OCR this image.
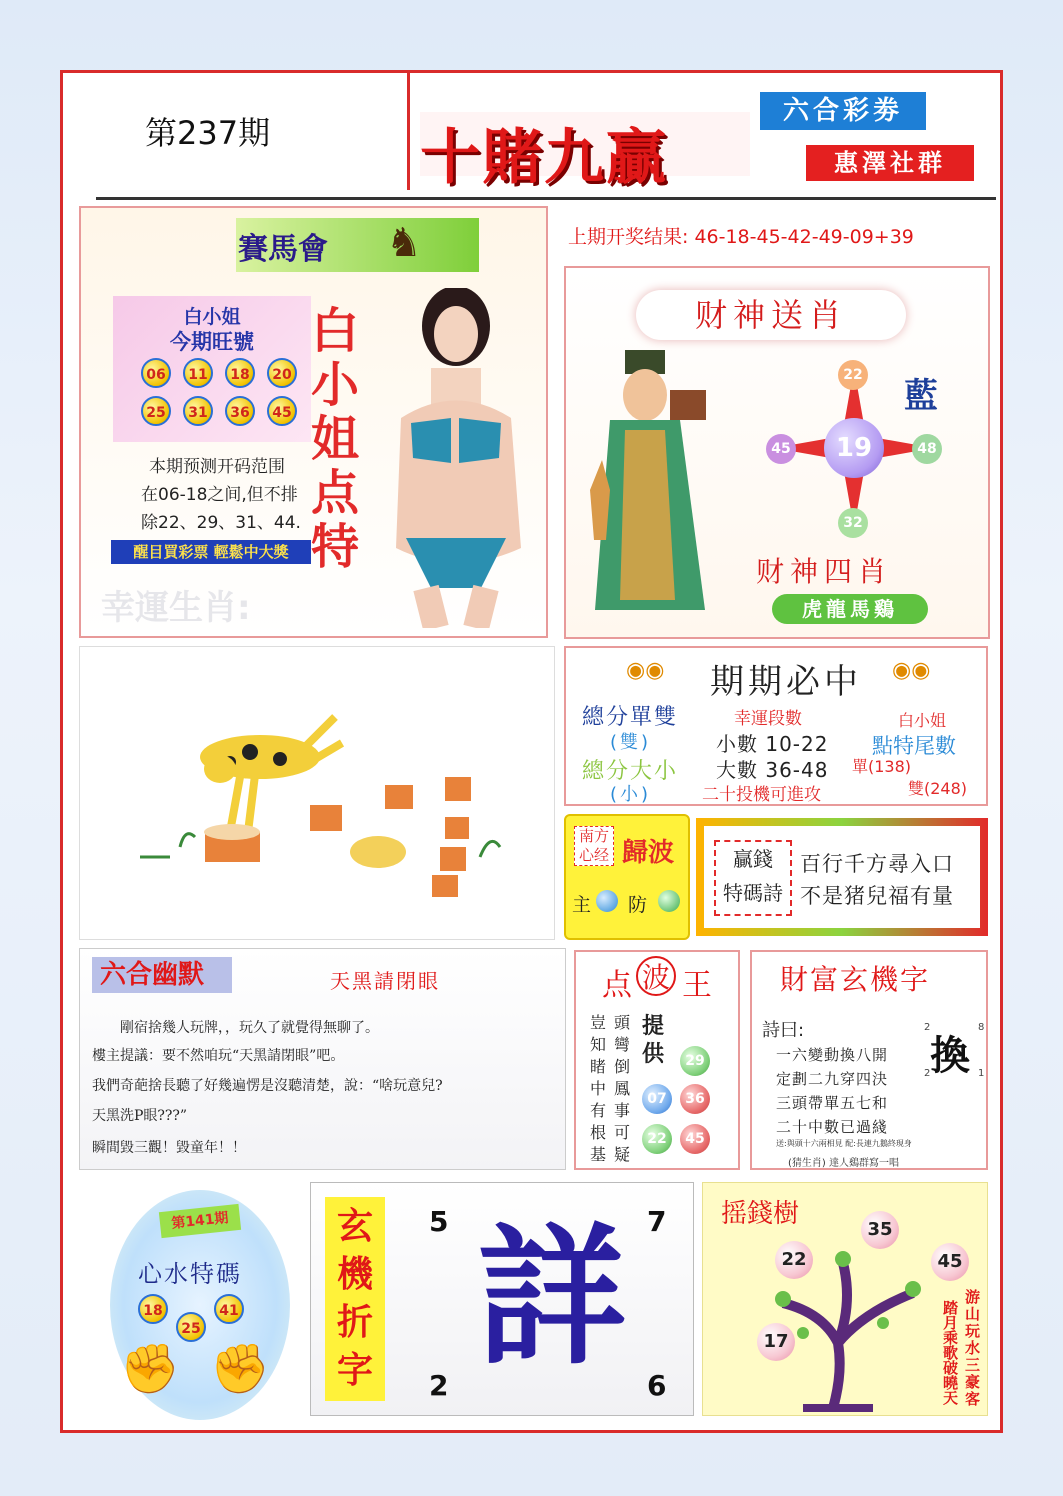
第237期 十賭九贏
六合彩劵
惠澤社群
上期开奖结果: 46-18-45-42-49-09+39
賽馬會 ♞
白小姐
今期旺號
06	11	18	20
25	31	36	45
白小姐点特
本期预测开码范围
在06-18之间,但不排
除22、29、31、44.
醒目買彩票 輕鬆中大獎
幸運生肖:
财神送肖
19
22
45	48
32
藍
财神四肖
虎龍馬鷄
◉◉	◉◉
期期必中
總分單雙
(雙)
總分大小
(小)
幸運段數
小數 10-22
大數 36-48
二十投機可進攻
白小姐
點特尾數
單(138)
雙(248)
南方
心经 歸波
主 防
贏錢
特碼詩
百行千方尋入口
不是猪兒福有量
六合幽默	天黑請閉眼
剛宿捨幾人玩牌，，玩久了就覺得無聊了。
樓主提議：要不然咱玩“天黑請閉眼”吧。
我們奇葩捨長聽了好幾遍愣是沒聽清楚，說：“啥玩意兒?
天黑洗P眼???”
瞬間毀三觀！毀童年！！
点 波 王
豈知睹中有根基
頭彎倒鳳事可疑
提供	29
07	36
22	45
財富玄機字
詩曰:	2	8
2	1
換
一六變動換八開
定劃二九穿四決
三頭帶單五七和
二十中數已過綫
送:與頭十六兩相見 配:長連九鵝終現身
(猜生肖) 達人鷄群寫一唱
第141期
心水特碼
18
25
41
✊ ✊
玄
機
折
字
5	7
2	6
詳	摇錢樹
35
22	45
17
游山玩水三豪客
踏月乘歌破曉天
